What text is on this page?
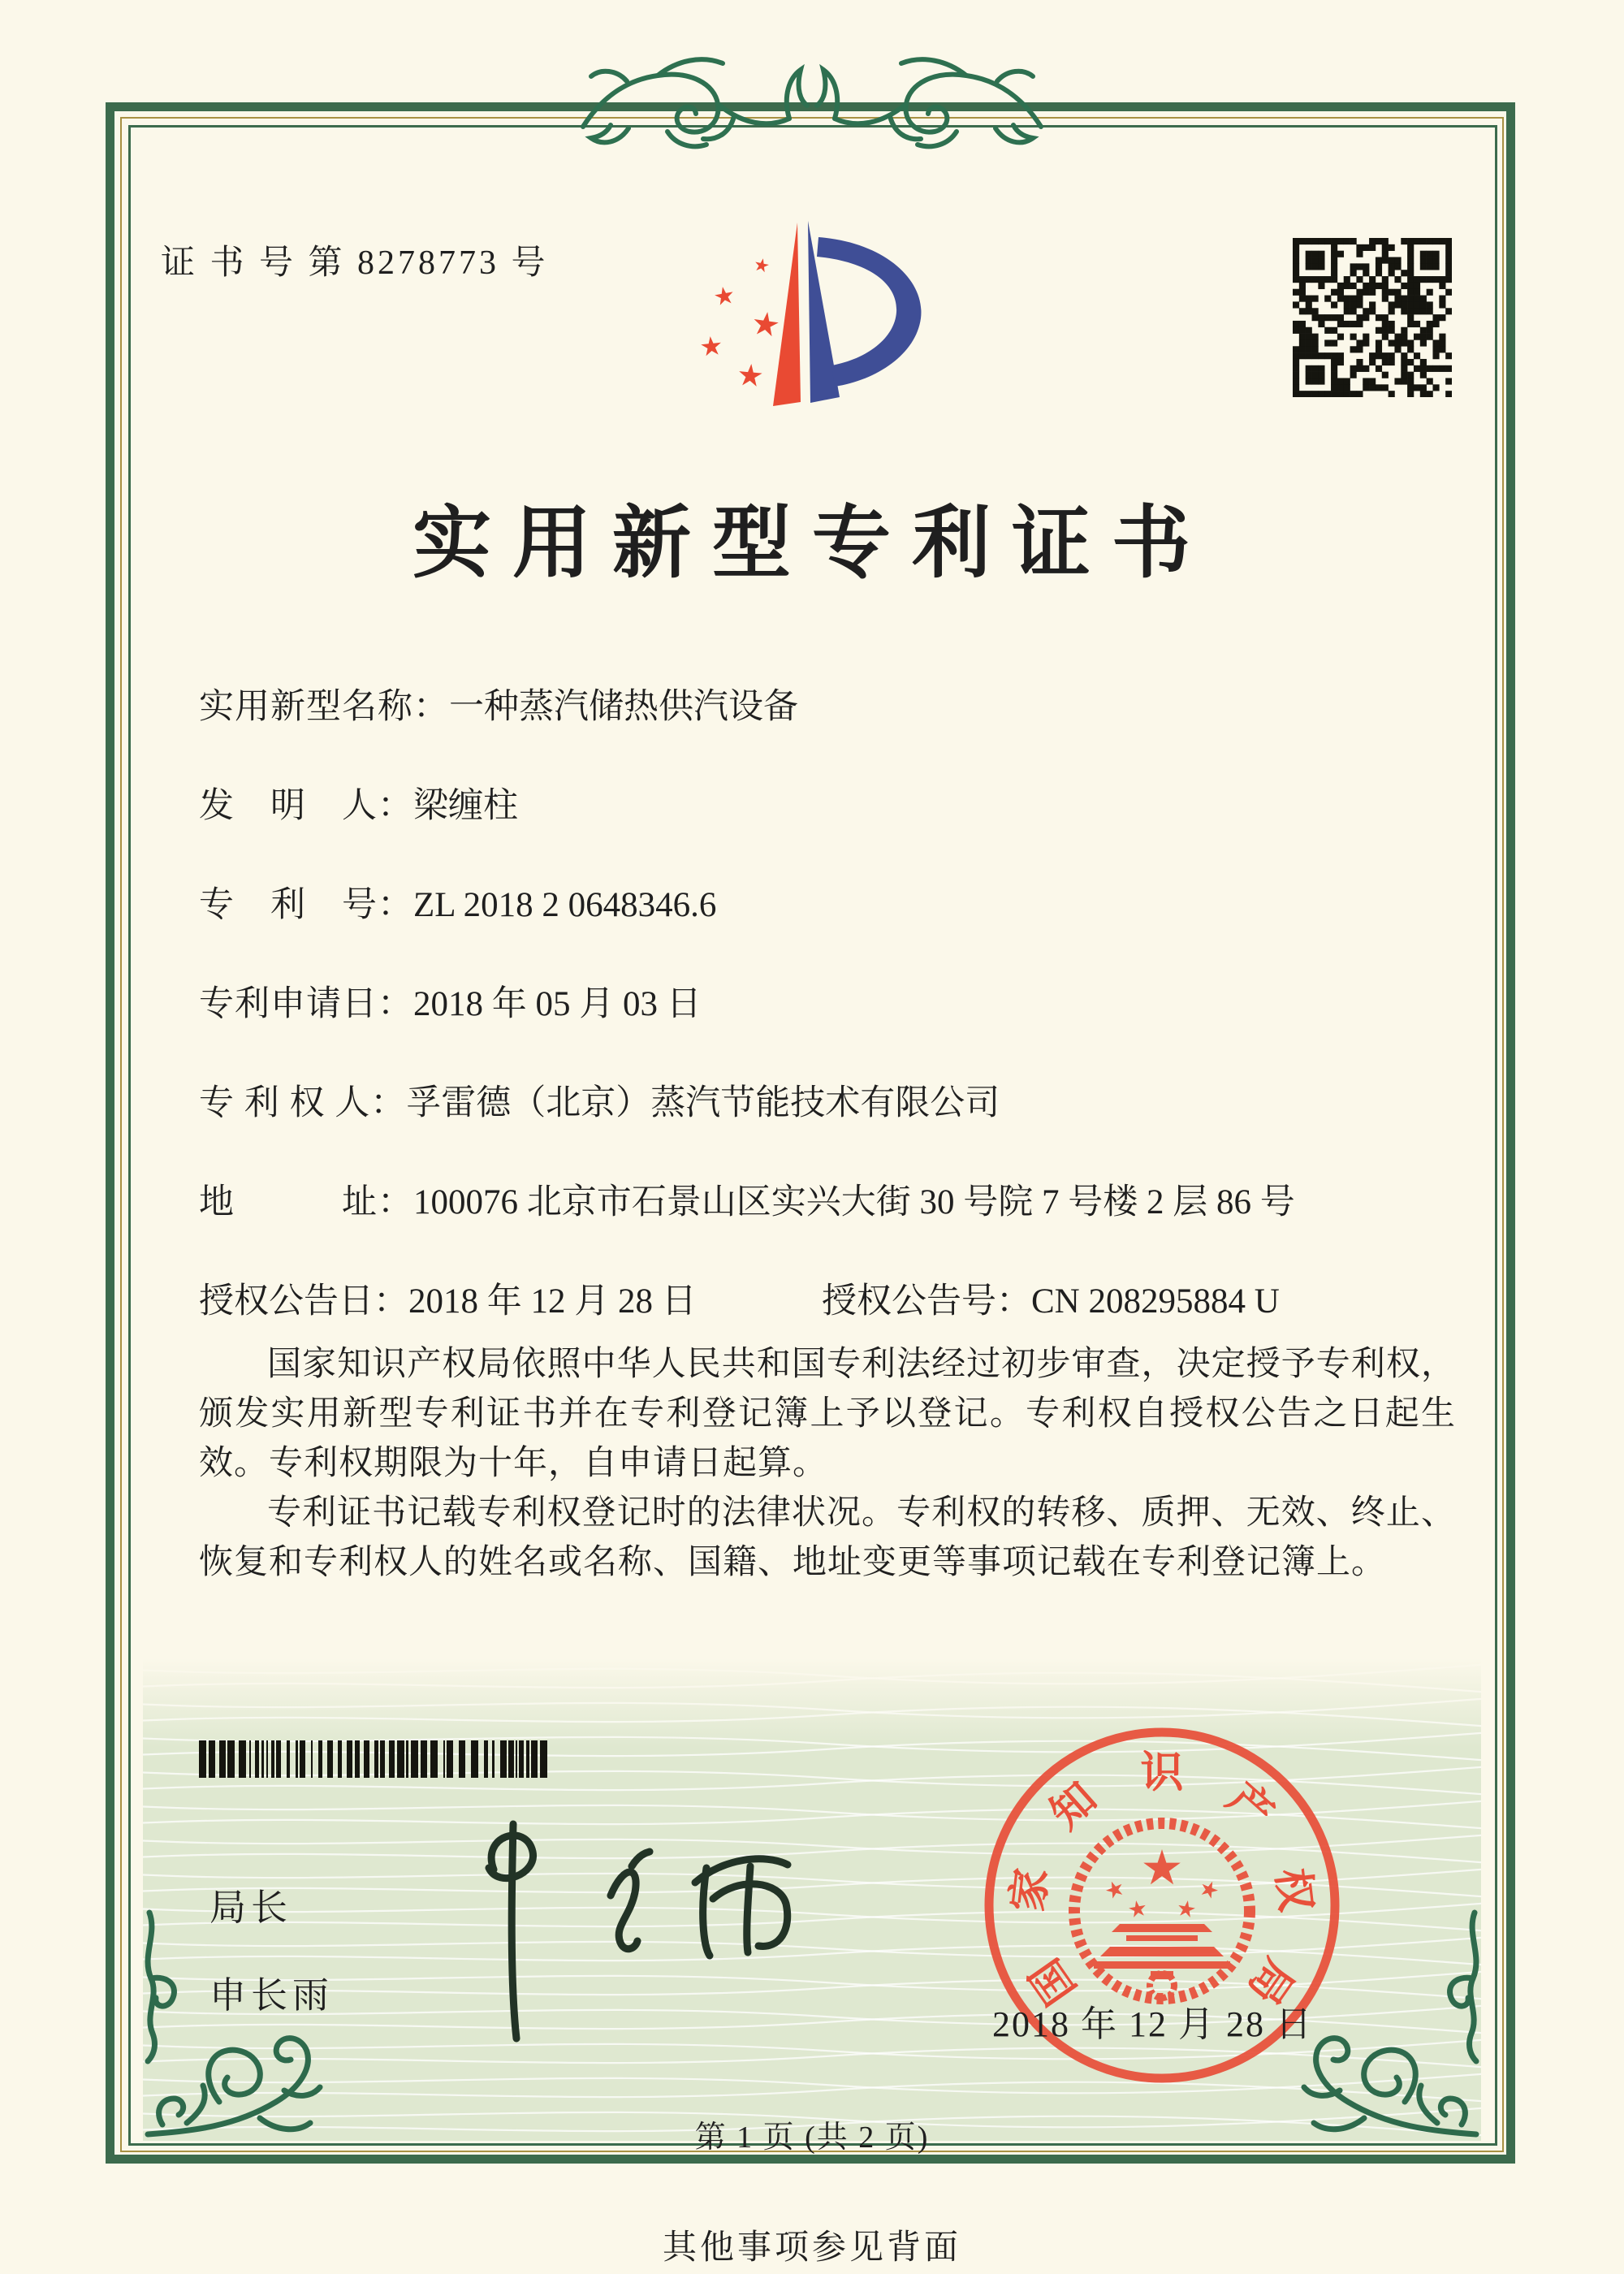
证 书 号 第 8278773 号
实用新型专利证书
实用新型名称：一种蒸汽储热供汽设备
发　明　人：梁缠柱
专　利　号：ZL 2018 2 0648346.6
专利申请日：2018 年 05 月 03 日
专 利 权 人：孚雷德（北京）蒸汽节能技术有限公司
地　　　址：100076 北京市石景山区实兴大街 30 号院 7 号楼 2 层 86 号
授权公告日：2018 年 12 月 28 日	授权公告号：CN 208295884 U

国家知识产权局依照中华人民共和国专利法经过初步审查，决定授予专利权，颁发实用新型专利证书并在专利登记簿上予以登记。专利权自授权公告之日起生效。专利权期限为十年，自申请日起算。

专利证书记载专利权登记时的法律状况。专利权的转移、质押、无效、终止、恢复和专利权人的姓名或名称、国籍、地址变更等事项记载在专利登记簿上。

局长
申长雨	国
家
知
识
产
权
局
2018 年 12 月 28 日
第 1 页 (共 2 页)
其他事项参见背面
